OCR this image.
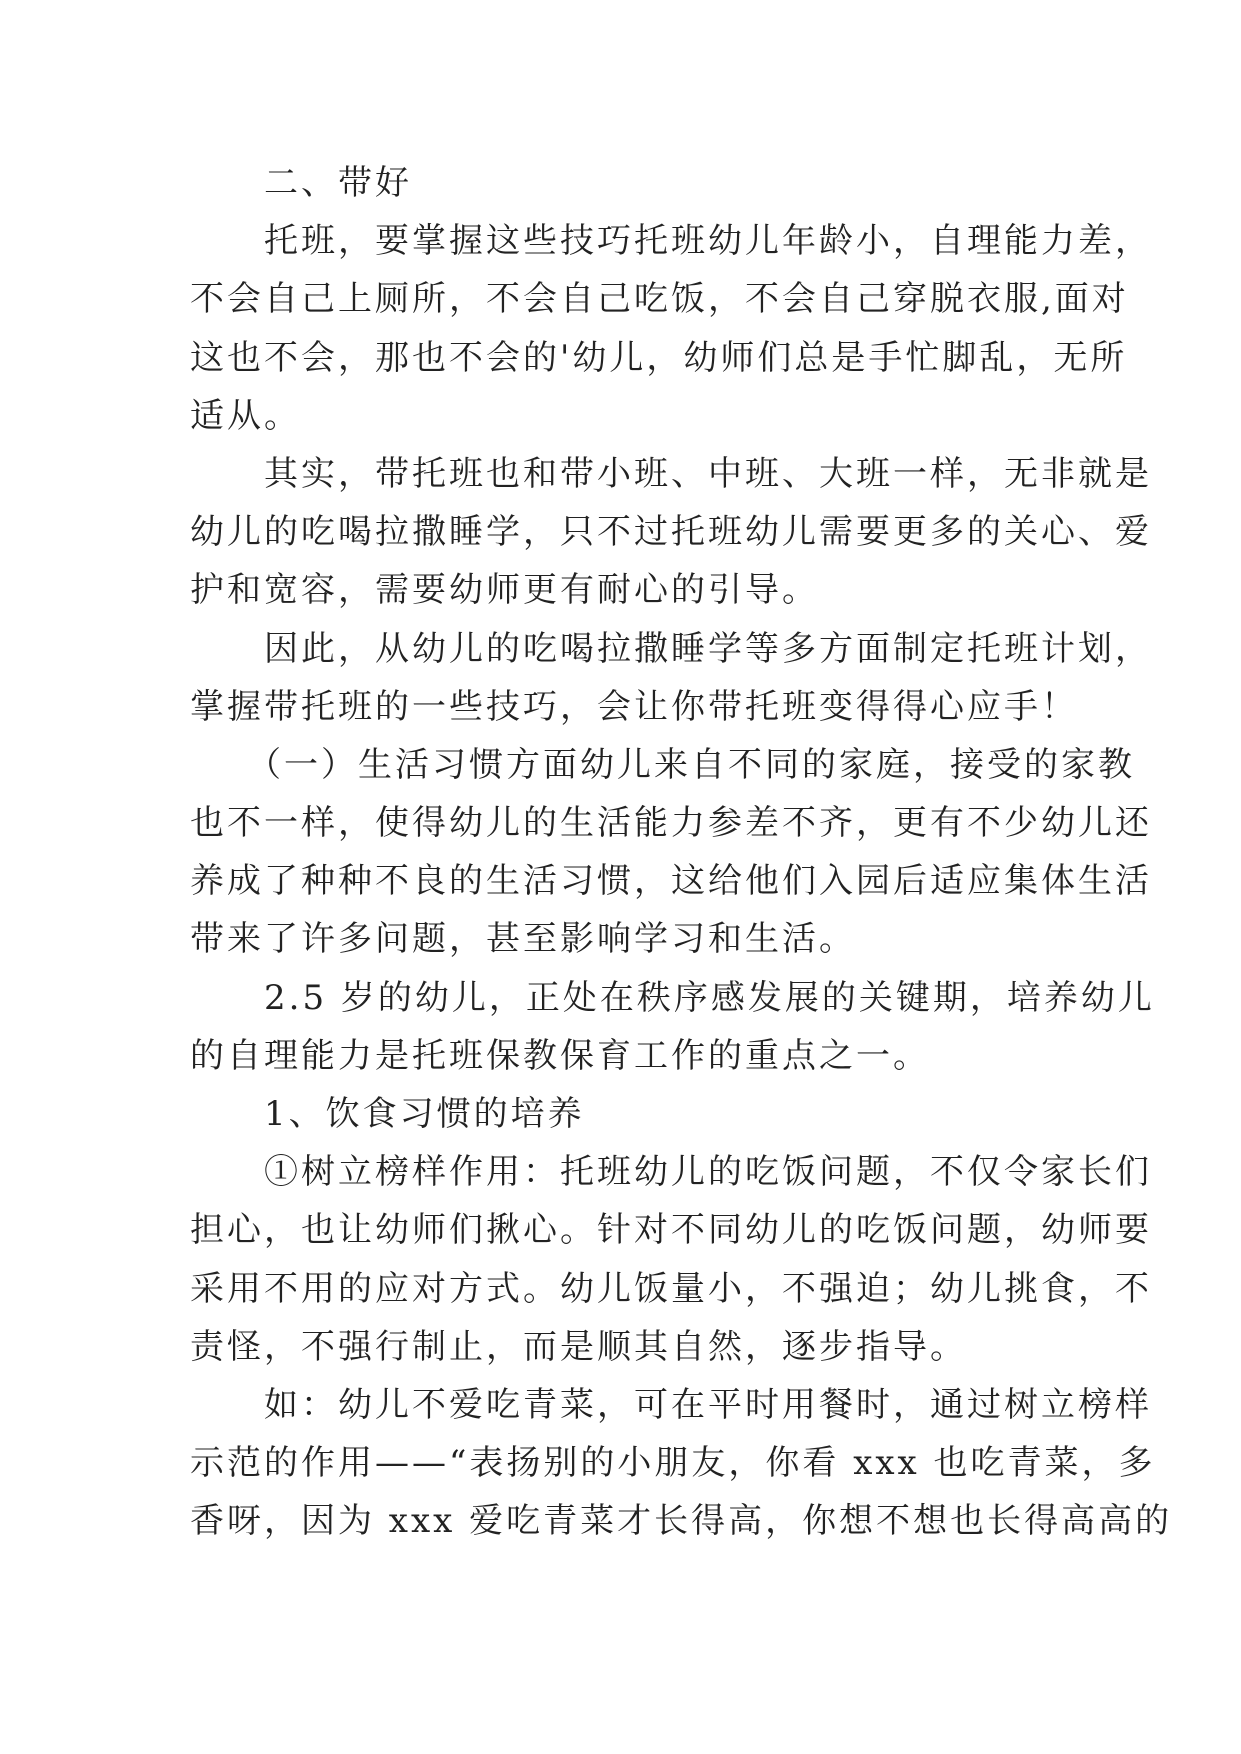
　　二、带好
　　托班，要掌握这些技巧托班幼儿年龄小，自理能力差，
不会自己上厕所，不会自己吃饭，不会自己穿脱衣服,面对
这也不会，那也不会的'幼儿，幼师们总是手忙脚乱，无所
适从。
　　其实，带托班也和带小班、中班、大班一样，无非就是
幼儿的吃喝拉撒睡学，只不过托班幼儿需要更多的关心、爱
护和宽容，需要幼师更有耐心的引导。
　　因此，从幼儿的吃喝拉撒睡学等多方面制定托班计划，
掌握带托班的一些技巧，会让你带托班变得得心应手！
　　（一）生活习惯方面幼儿来自不同的家庭，接受的家教
也不一样，使得幼儿的生活能力参差不齐，更有不少幼儿还
养成了种种不良的生活习惯，这给他们入园后适应集体生活
带来了许多问题，甚至影响学习和生活。
　　2.5 岁的幼儿，正处在秩序感发展的关键期，培养幼儿
的自理能力是托班保教保育工作的重点之一。
　　1、饮食习惯的培养
　　①树立榜样作用：托班幼儿的吃饭问题，不仅令家长们
担心，也让幼师们揪心。针对不同幼儿的吃饭问题，幼师要
采用不用的应对方式。幼儿饭量小，不强迫；幼儿挑食，不
责怪，不强行制止，而是顺其自然，逐步指导。
　　如：幼儿不爱吃青菜，可在平时用餐时，通过树立榜样
示范的作用——“表扬别的小朋友，你看 xxx 也吃青菜，多
香呀，因为 xxx 爱吃青菜才长得高，你想不想也长得高高的
